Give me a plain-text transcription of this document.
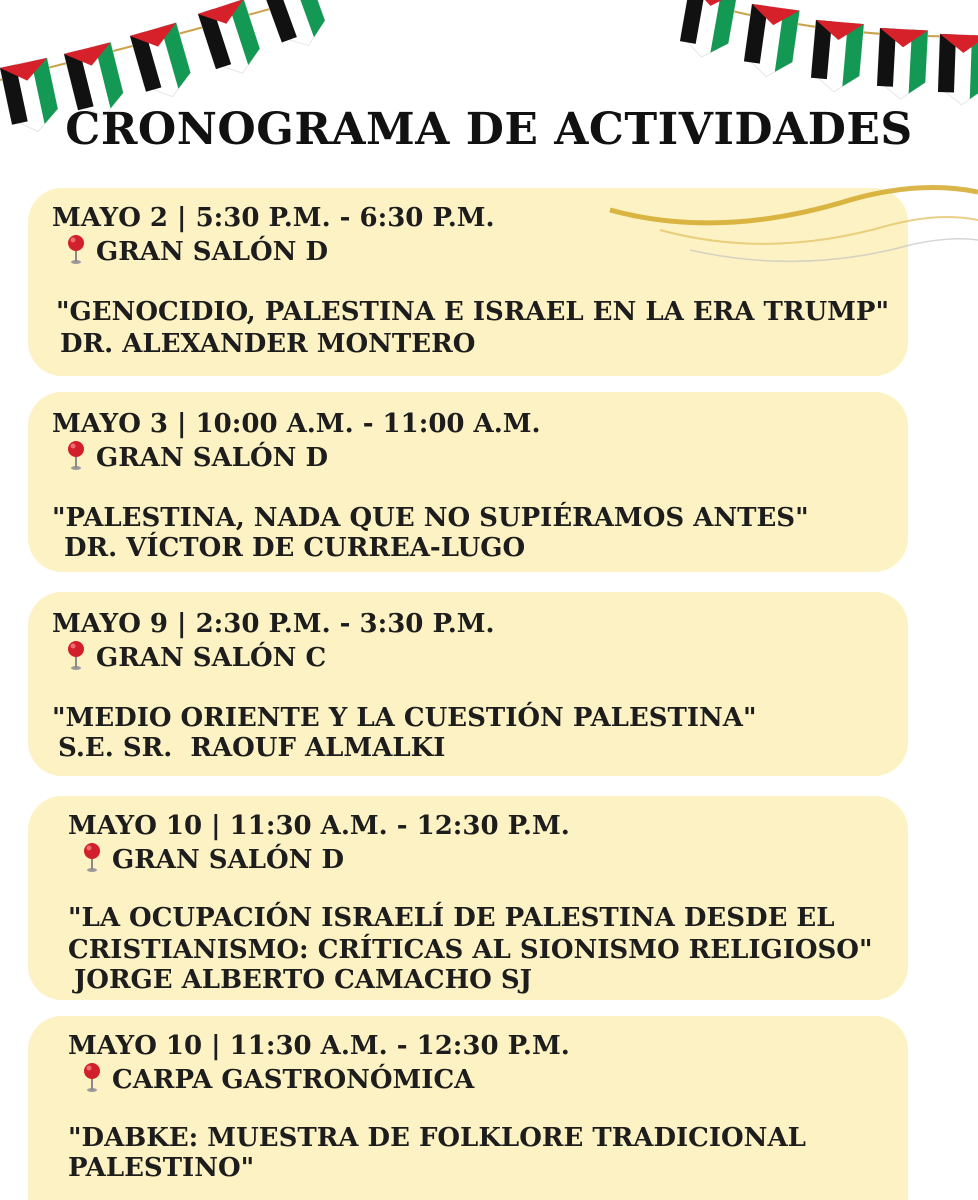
CRONOGRAMA DE ACTIVIDADES
MAYO 2 | 5:30 P.M. - 6:30 P.M.
GRAN SALÓN D
"GENOCIDIO, PALESTINA E ISRAEL EN LA ERA TRUMP"
DR. ALEXANDER MONTERO
MAYO 3 | 10:00 A.M. - 11:00 A.M.
GRAN SALÓN D
"PALESTINA, NADA QUE NO SUPIÉRAMOS ANTES"
DR. VÍCTOR DE CURREA-LUGO
MAYO 9 | 2:30 P.M. - 3:30 P.M.
GRAN SALÓN C
"MEDIO ORIENTE Y LA CUESTIÓN PALESTINA"
S.E. SR.  RAOUF ALMALKI
MAYO 10 | 11:30 A.M. - 12:30 P.M.
GRAN SALÓN D
"LA OCUPACIÓN ISRAELÍ DE PALESTINA DESDE EL
CRISTIANISMO: CRÍTICAS AL SIONISMO RELIGIOSO"
JORGE ALBERTO CAMACHO SJ
MAYO 10 | 11:30 A.M. - 12:30 P.M.
CARPA GASTRONÓMICA
"DABKE: MUESTRA DE FOLKLORE TRADICIONAL
PALESTINO"
